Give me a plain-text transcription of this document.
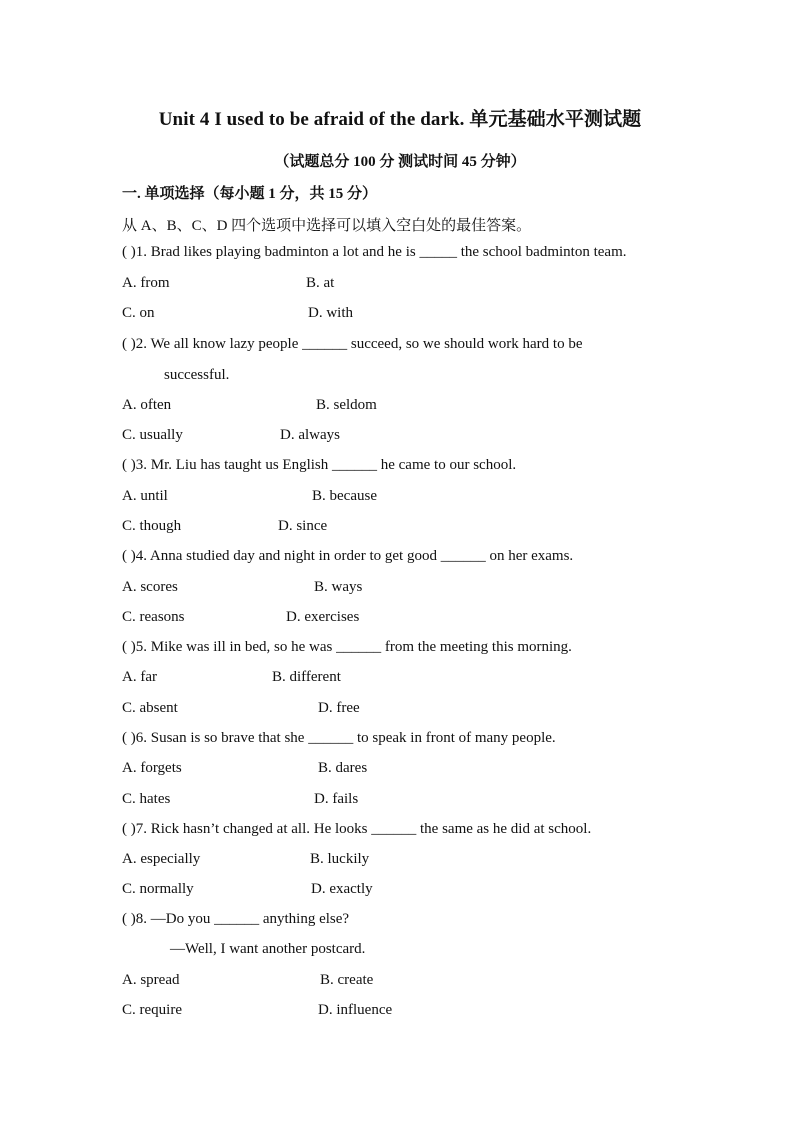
Unit 4 I used to be afraid of the dark. 单元基础水平测试题
（试题总分 100 分 测试时间 45 分钟）
一. 单项选择（每小题 1 分，共 15 分）
从 A、B、C、D 四个选项中选择可以填入空白处的最佳答案。
( )1. Brad likes playing badminton a lot and he is _____ the school badminton team.
A. from	B. at
C. on	D. with
( )2. We all know lazy people ______ succeed, so we should work hard to be
successful.
A. often	B. seldom
C. usually	D. always
( )3. Mr. Liu has taught us English ______ he came to our school.
A. until	B. because
C. though	D. since
( )4. Anna studied day and night in order to get good ______ on her exams.
A. scores	B. ways
C. reasons	D. exercises
( )5. Mike was ill in bed, so he was ______ from the meeting this morning.
A. far	B. different
C. absent	D. free
( )6. Susan is so brave that she ______ to speak in front of many people.
A. forgets	B. dares
C. hates	D. fails
( )7. Rick hasn’t changed at all. He looks ______ the same as he did at school.
A. especially	B. luckily
C. normally	D. exactly
( )8. —Do you ______ anything else?
—Well, I want another postcard.
A. spread	B. create
C. require	D. influence
